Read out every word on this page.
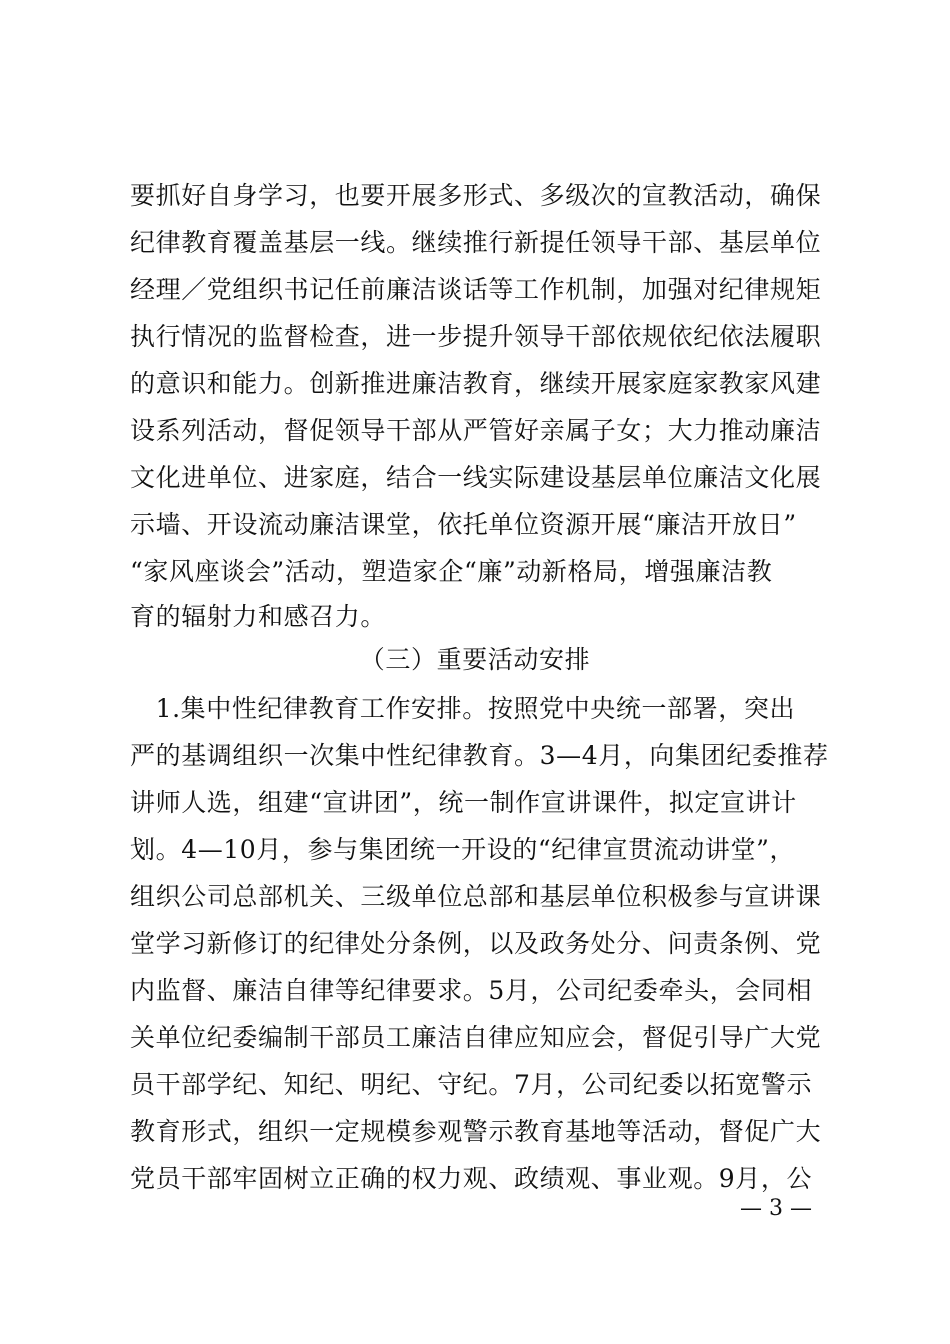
要抓好自身学习，也要开展多形式、多级次的宣教活动，确保
纪律教育覆盖基层一线。继续推行新提任领导干部、基层单位
经理／党组织书记任前廉洁谈话等工作机制，加强对纪律规矩
执行情况的监督检查，进一步提升领导干部依规依纪依法履职
的意识和能力。创新推进廉洁教育，继续开展家庭家教家风建
设系列活动，督促领导干部从严管好亲属子女；大力推动廉洁
文化进单位、进家庭，结合一线实际建设基层单位廉洁文化展
示墙、开设流动廉洁课堂，依托单位资源开展“廉洁开放日”
“家风座谈会”活动，塑造家企“廉”动新格局，增强廉洁教
育的辐射力和感召力。
（三）重要活动安排
　1.集中性纪律教育工作安排。按照党中央统一部署，突出
严的基调组织一次集中性纪律教育。3—4月，向集团纪委推荐
讲师人选，组建“宣讲团”，统一制作宣讲课件，拟定宣讲计
划。4—10月，参与集团统一开设的“纪律宣贯流动讲堂”，
组织公司总部机关、三级单位总部和基层单位积极参与宣讲课
堂学习新修订的纪律处分条例，以及政务处分、问责条例、党
内监督、廉洁自律等纪律要求。5月，公司纪委牵头，会同相
关单位纪委编制干部员工廉洁自律应知应会，督促引导广大党
员干部学纪、知纪、明纪、守纪。7月，公司纪委以拓宽警示
教育形式，组织一定规模参观警示教育基地等活动，督促广大
党员干部牢固树立正确的权力观、政绩观、事业观。9月，公
— 3 —
